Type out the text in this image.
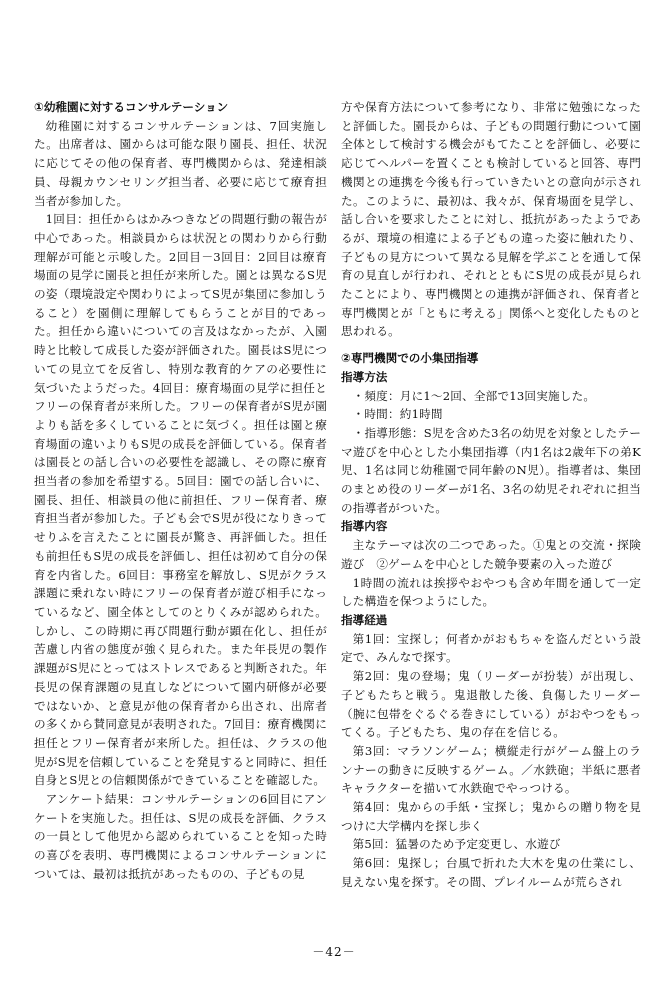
①幼稚園に対するコンサルテーション

幼稚園に対するコンサルテーションは、7回実施した。出席者は、園からは可能な限り園長、担任、状況に応じてその他の保育者、専門機関からは、発達相談員、母親カウンセリング担当者、必要に応じて療育担当者が参加した。

1回目：担任からはかみつきなどの問題行動の報告が中心であった。相談員からは状況との関わりから行動理解が可能と示唆した。2回目－3回目：2回目は療育場面の見学に園長と担任が来所した。園とは異なるS児の姿（環境設定や関わりによってS児が集団に参加しうること）を園側に理解してもらうことが目的であった。担任から違いについての言及はなかったが、入園時と比較して成長した姿が評価された。園長はS児についての見立てを反省し、特別な教育的ケアの必要性に気づいたようだった。4回目：療育場面の見学に担任とフリーの保育者が来所した。フリーの保育者がS児が園よりも話を多くしていることに気づく。担任は園と療育場面の違いよりもS児の成長を評価している。保育者は園長との話し合いの必要性を認識し、その際に療育担当者の参加を希望する。5回目：園での話し合いに、園長、担任、相談員の他に前担任、フリー保育者、療育担当者が参加した。子ども会でS児が役になりきってせりふを言えたことに園長が驚き、再評価した。担任も前担任もS児の成長を評価し、担任は初めて自分の保育を内省した。6回目：事務室を解放し、S児がクラス課題に乗れない時にフリーの保育者が遊び相手になっているなど、園全体としてのとりくみが認められた。しかし、この時期に再び問題行動が顕在化し、担任が苦慮し内省の態度が強く見られた。また年長児の製作課題がS児にとってはストレスであると判断された。年長児の保育課題の見直しなどについて園内研修が必要ではないか、と意見が他の保育者から出され、出席者の多くから賛同意見が表明された。7回目：療育機関に担任とフリー保育者が来所した。担任は、クラスの他児がS児を信頼していることを発見すると同時に、担任自身とS児との信頼関係ができていることを確認した。

アンケート結果：コンサルテーションの6回目にアンケートを実施した。担任は、S児の成長を評価、クラスの一員として他児から認められていることを知った時の喜びを表明、専門機関によるコンサルテーションについては、最初は抵抗があったものの、子どもの見

方や保育方法について参考になり、非常に勉強になったと評価した。園長からは、子どもの問題行動について園全体として検討する機会がもてたことを評価し、必要に応じてヘルパーを置くことも検討していると回答、専門機関との連携を今後も行っていきたいとの意向が示された。このように、最初は、我々が、保育場面を見学し、話し合いを要求したことに対し、抵抗があったようであるが、環境の相違による子どもの違った姿に触れたり、子どもの見方について異なる見解を学ぶことを通して保育の見直しが行われ、それとともにS児の成長が見られたことにより、専門機関との連携が評価され、保育者と専門機関とが「ともに考える」関係へと変化したものと思われる。

②専門機関での小集団指導

指導方法

・頻度：月に1～2回、全部で13回実施した。

・時間：約1時間

・指導形態：S児を含めた3名の幼児を対象としたテーマ遊びを中心とした小集団指導（内1名は2歳年下の弟K児、1名は同じ幼稚園で同年齢のN児）。指導者は、集団のまとめ役のリーダーが1名、3名の幼児それぞれに担当の指導者がついた。

指導内容

主なテーマは次の二つであった。①鬼との交流・探険遊び　②ゲームを中心とした競争要素の入った遊び

1時間の流れは挨拶やおやつも含め年間を通して一定した構造を保つようにした。

指導経過

第1回：宝探し；何者かがおもちゃを盗んだという設定で、みんなで探す。

第2回：鬼の登場；鬼（リーダーが扮装）が出現し、子どもたちと戦う。鬼退散した後、負傷したリーダー（腕に包帯をぐるぐる巻きにしている）がおやつをもってくる。子どもたち、鬼の存在を信じる。

第3回：マラソンゲーム；横縦走行がゲーム盤上のランナーの動きに反映するゲーム。／水鉄砲；半紙に悪者キャラクターを描いて水鉄砲でやっつける。

第4回：鬼からの手紙・宝探し；鬼からの贈り物を見つけに大学構内を探し歩く

第5回：猛暑のため予定変更し、水遊び

第6回：鬼探し；台風で折れた大木を鬼の仕業にし、見えない鬼を探す。その間、プレイルームが荒らされ

－42－
